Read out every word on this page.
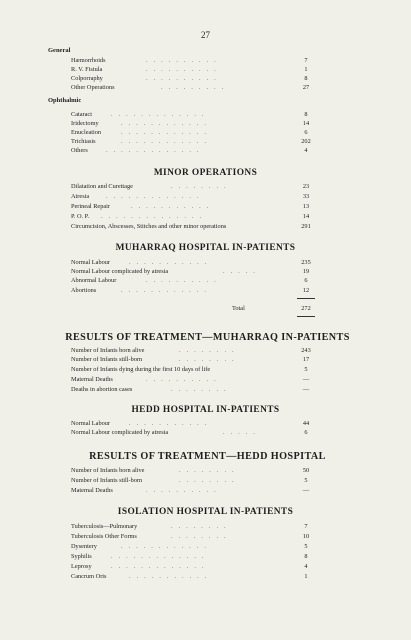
27
General
Hæmorrhoids	..........	7
R. V. Fistula	..........	1
Colporraphy	..........	8
Other Operations	.........	27
Ophthalmic
Cataract	.............	8
Iridectomy	............	14
Enucleation	............	6
Trichiasis	............	202
Others	.............	4
MINOR OPERATIONS
Dilatation and Curettage	........	23
Atresia	.............	33
Perineal Repair	...........	13
P. O. P. ..............	14
Circumcision, Abscesses, Stitches and other minor operations	291
MUHARRAQ HOSPITAL IN-PATIENTS
Normal Labour	...........	235
Normal Labour complicated by atresia	.....	19
Abnormal Labour	..........	6
Abortions	............	12
Total	272
RESULTS OF TREATMENT—MUHARRAQ IN-PATIENTS
Number of Infants born alive	........	243
Number of Infants still-born	........	17
Number of Infants dying during the first 10 days of life	5
Maternal Deaths	..........	—
Deaths in abortion cases	........	—
HEDD HOSPITAL IN-PATIENTS
Normal Labour	...........	44
Normal Labour complicated by atresia	.....	6
RESULTS OF TREATMENT—HEDD HOSPITAL
Number of Infants born alive	........	50
Number of Infants still-born	........	5
Maternal Deaths	..........	—
ISOLATION HOSPITAL IN-PATIENTS
Tuberculosis—Pulmonary	........	7
Tuberculosis Other Forms	........	10
Dysentery	............	5
Syphilis	.............	8
Leprosy	.............	4
Cancrum Oris	...........	1
